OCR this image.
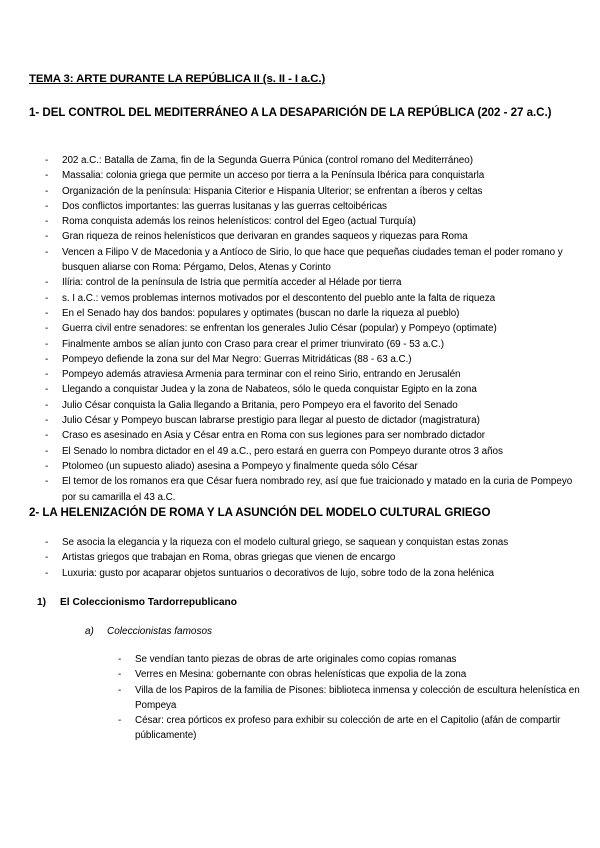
TEMA 3: ARTE DURANTE LA REPÚBLICA II (s. II - I a.C.)
1- DEL CONTROL DEL MEDITERRÁNEO A LA DESAPARICIÓN DE LA REPÚBLICA (202 - 27 a.C.)
- 202 a.C.: Batalla de Zama, fin de la Segunda Guerra Púnica (control romano del Mediterráneo)
- Massalia: colonia griega que permite un acceso por tierra a la Península Ibérica para conquistarla
- Organización de la península: Hispania Citerior e Hispania Ulterior; se enfrentan a íberos y celtas
- Dos conflictos importantes: las guerras lusitanas y las guerras celtoibéricas
- Roma conquista además los reinos helenísticos: control del Egeo (actual Turquía)
- Gran riqueza de reinos helenísticos que derivaran en grandes saqueos y riquezas para Roma
- Vencen a Filipo V de Macedonia y a Antíoco de Sirio, lo que hace que pequeñas ciudades teman el poder romano y busquen aliarse con Roma: Pérgamo, Delos, Atenas y Corinto
- Ilíria: control de la península de Istria que permitía acceder al Hélade por tierra
- s. I a.C.: vemos problemas internos motivados por el descontento del pueblo ante la falta de riqueza
- En el Senado hay dos bandos: populares y optimates (buscan no darle la riqueza al pueblo)
- Guerra civil entre senadores: se enfrentan los generales Julio César (popular) y Pompeyo (optimate)
- Finalmente ambos se alían junto con Craso para crear el primer triunvirato (69 - 53 a.C.)
- Pompeyo defiende la zona sur del Mar Negro: Guerras Mitridáticas (88 - 63 a.C.)
- Pompeyo además atraviesa Armenia para terminar con el reino Sirio, entrando en Jerusalén
- Llegando a conquistar Judea y la zona de Nabateos, sólo le queda conquistar Egipto en la zona
- Julio César conquista la Galia llegando a Britania, pero Pompeyo era el favorito del Senado
- Julio César y Pompeyo buscan labrarse prestigio para llegar al puesto de dictador (magistratura)
- Craso es asesinado en Asia y César entra en Roma con sus legiones para ser nombrado dictador
- El Senado lo nombra dictador en el 49 a.C., pero estará en guerra con Pompeyo durante otros 3 años
- Ptolomeo (un supuesto aliado) asesina a Pompeyo y finalmente queda sólo César
- El temor de los romanos era que César fuera nombrado rey, así que fue traicionado y matado en la curia de Pompeyo por su camarilla el 43 a.C.
2- LA HELENIZACIÓN DE ROMA Y LA ASUNCIÓN DEL MODELO CULTURAL GRIEGO
- Se asocia la elegancia y la riqueza con el modelo cultural griego, se saquean y conquistan estas zonas
- Artistas griegos que trabajan en Roma, obras griegas que vienen de encargo
- Luxuria: gusto por acaparar objetos suntuarios o decorativos de lujo, sobre todo de la zona helénica
1) El Coleccionismo Tardorrepublicano
a) Coleccionistas famosos
- Se vendían tanto piezas de obras de arte originales como copias romanas
- Verres en Mesina: gobernante con obras helenísticas que expolia de la zona
- Villa de los Papiros de la familia de Pisones: biblioteca inmensa y colección de escultura helenística en Pompeya
- César: crea pórticos ex profeso para exhibir su colección de arte en el Capitolio (afán de compartir públicamente)
